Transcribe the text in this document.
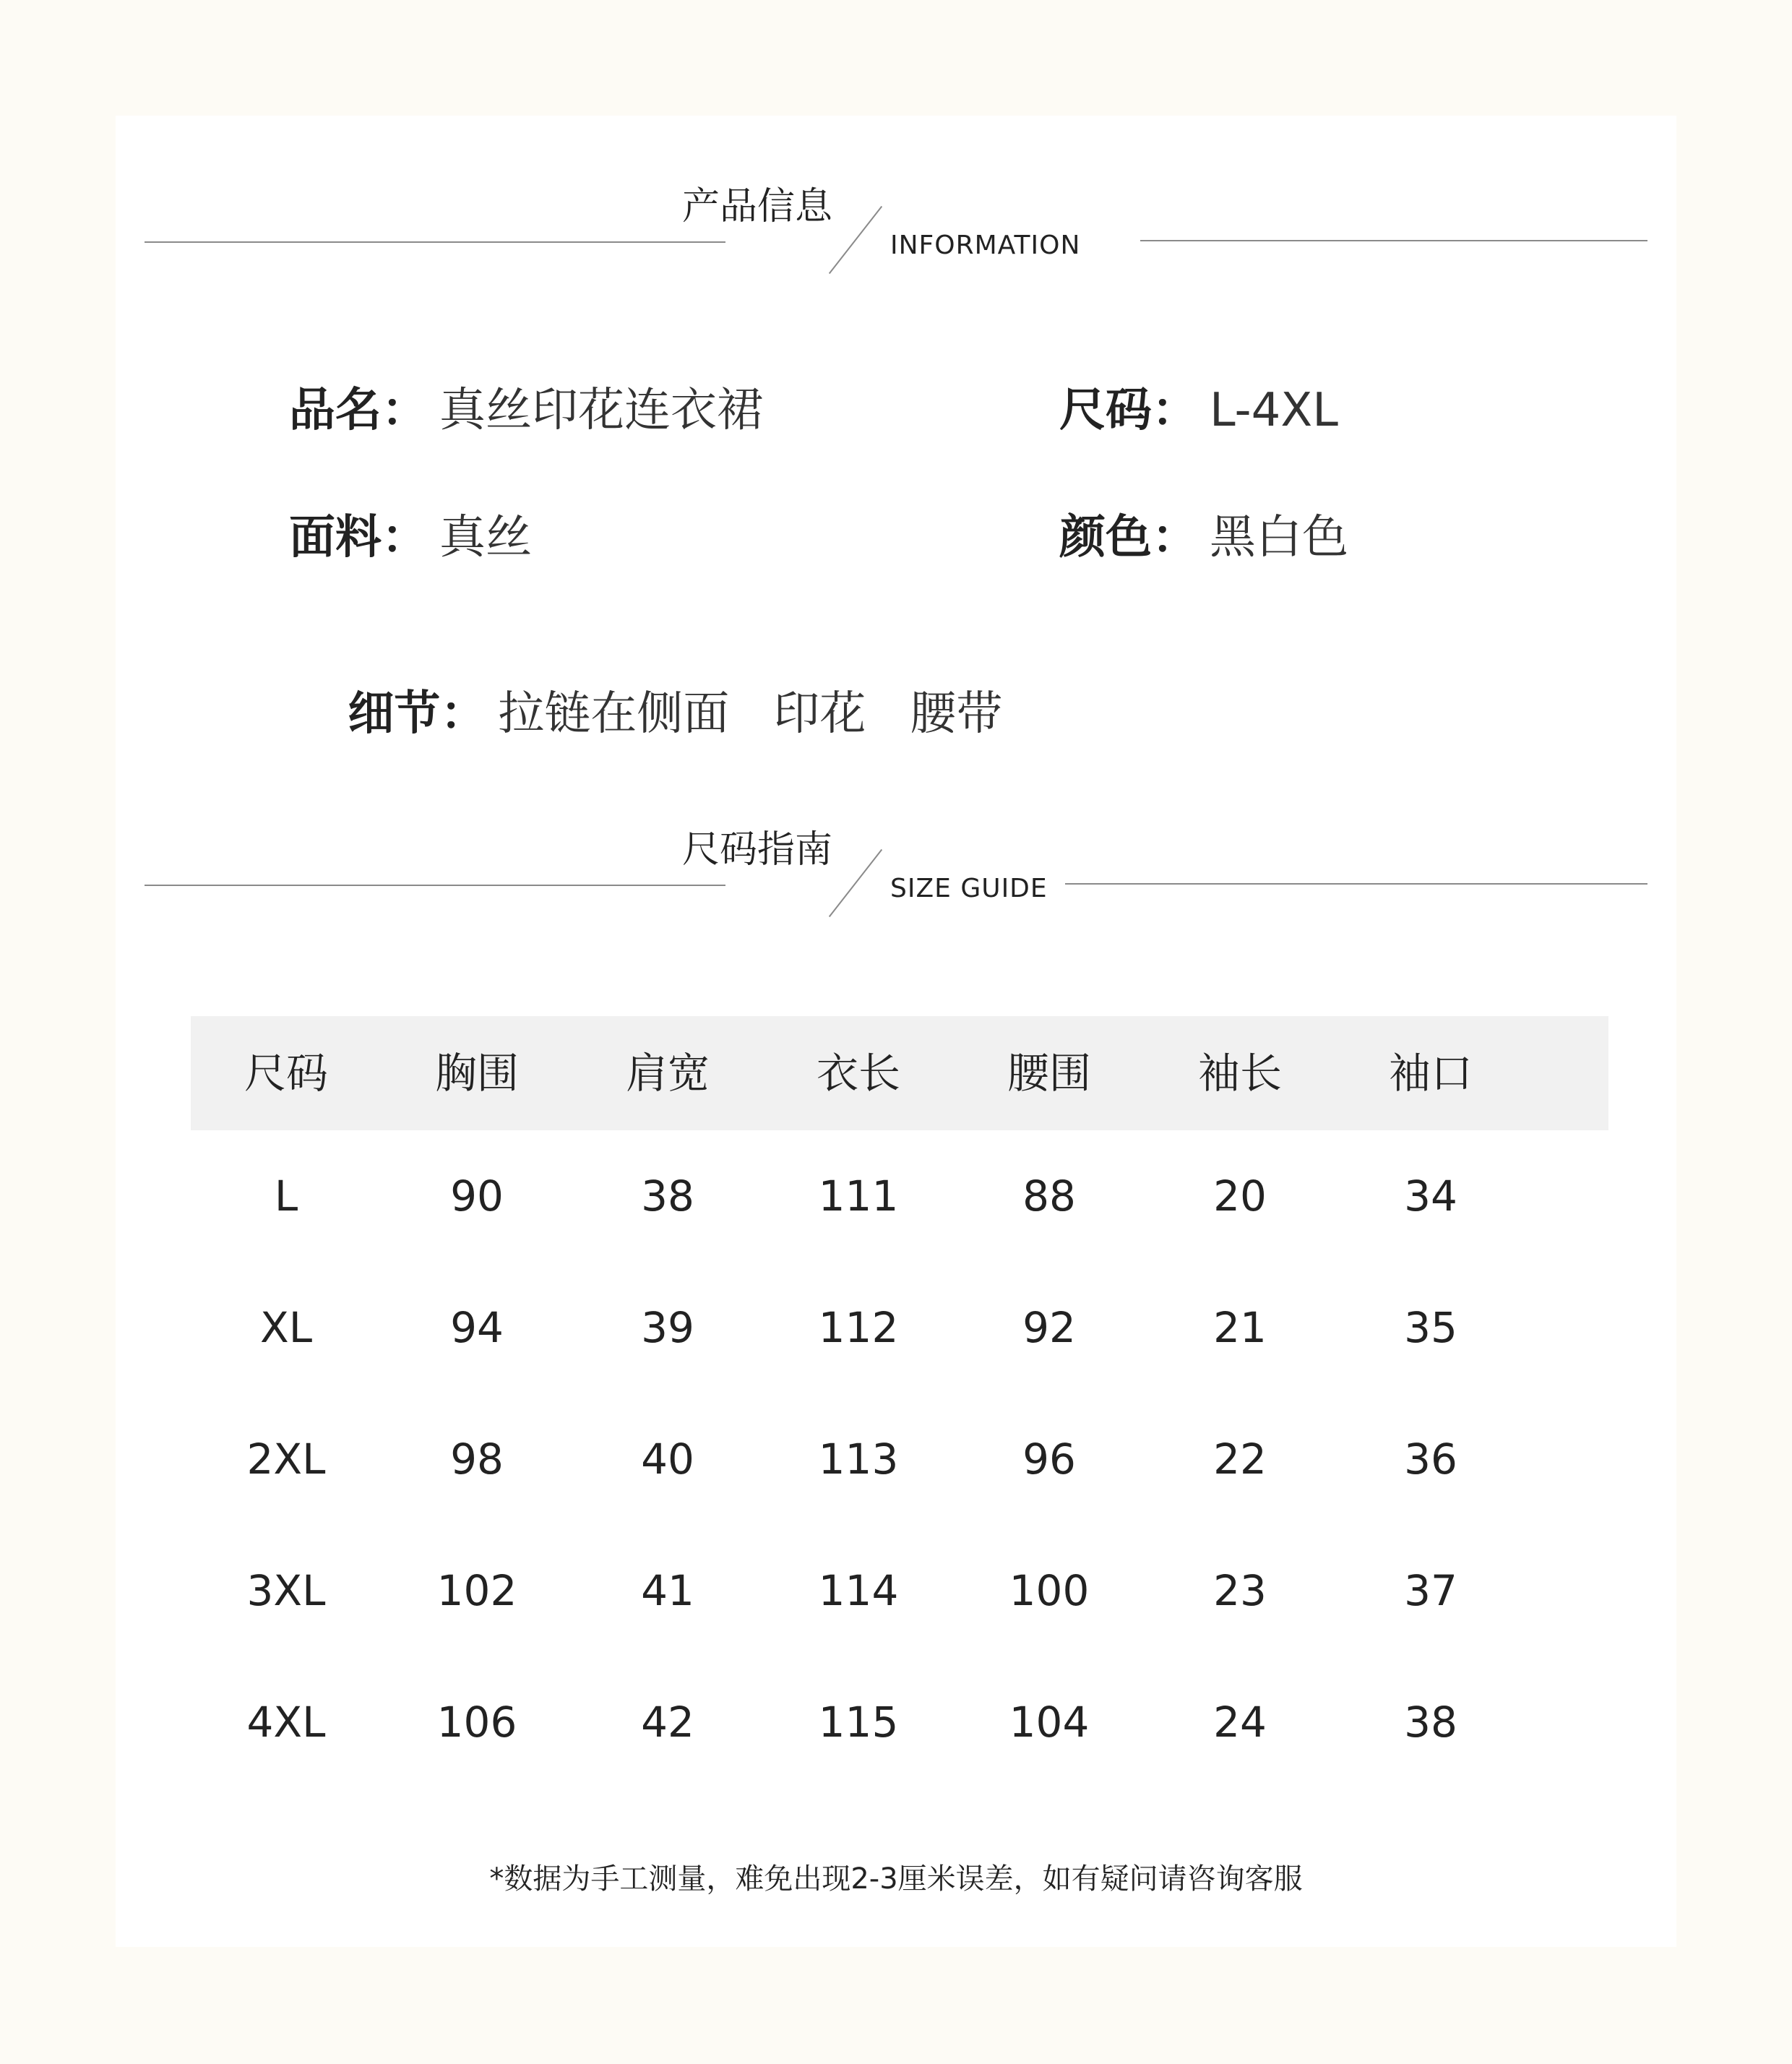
产品信息
INFORMATION
品名： 真丝印花连衣裙	尺码： L-4XL
面料： 真丝	颜色： 黑白色

细节： 拉链在侧面   印花   腰带

尺码指南
SIZE GUIDE
尺码	胸围	肩宽	衣长	腰围	袖长	袖口
L	90	38	111	88	20	34
XL	94	39	112	92	21	35
2XL	98	40	113	96	22	36
3XL	102	41	114	100	23	37
4XL	106	42	115	104	24	38
*数据为手工测量，难免出现2-3厘米误差，如有疑问请咨询客服
